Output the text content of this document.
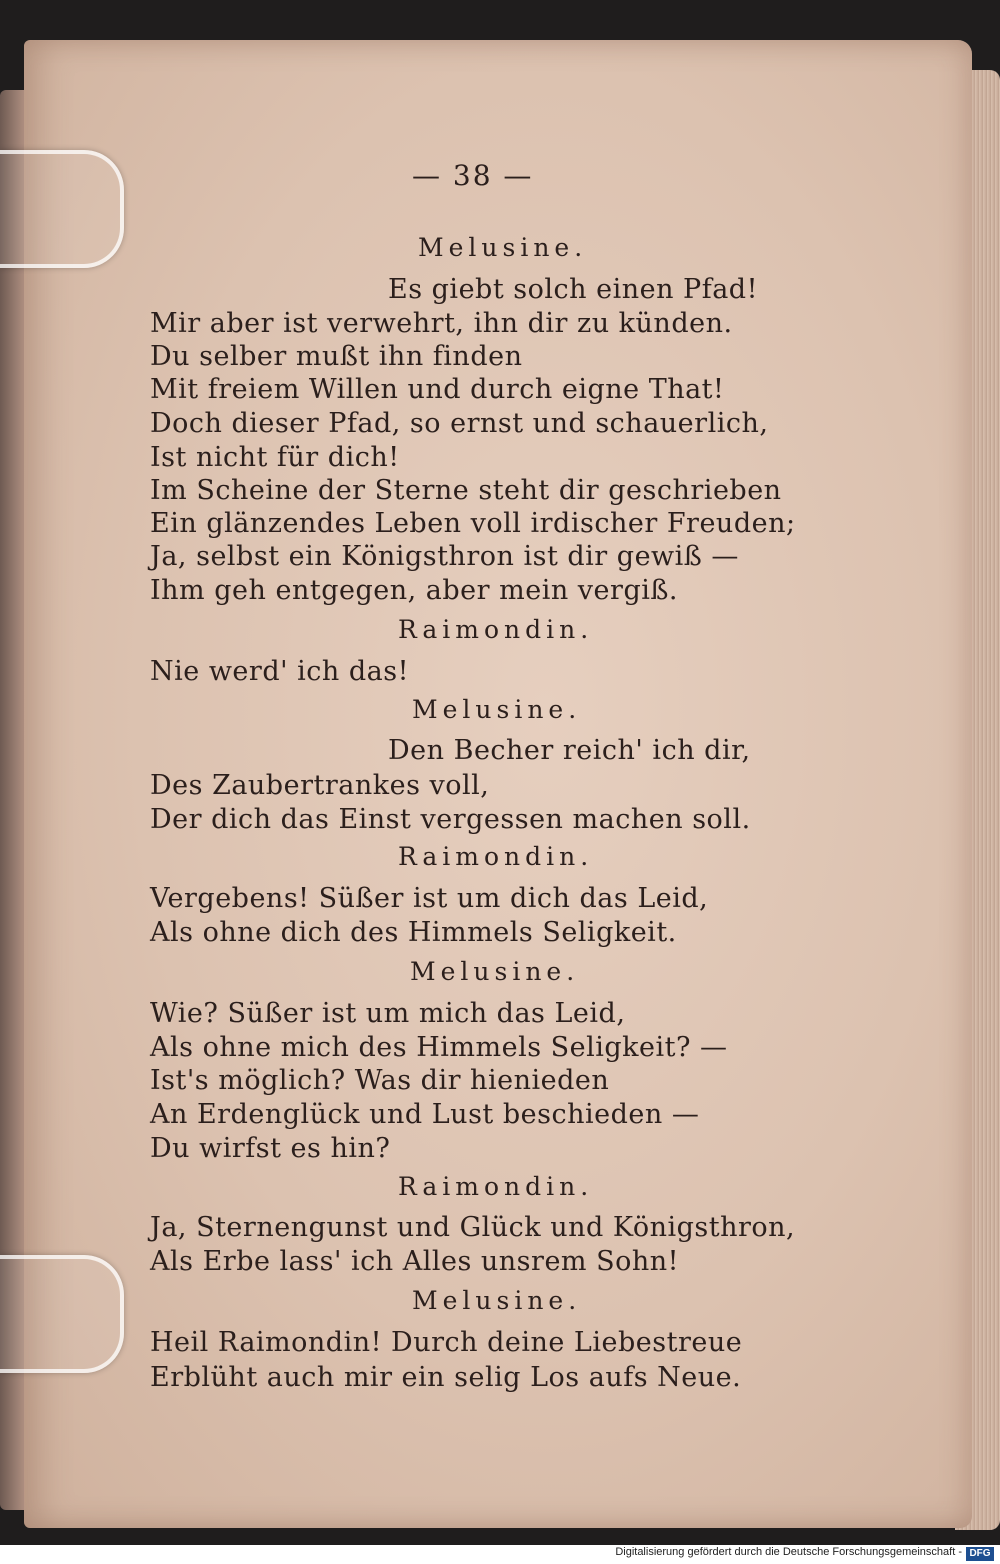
— 38 —
Melusine.
Es giebt solch einen Pfad!
Mir aber ist verwehrt, ihn dir zu künden.
Du selber mußt ihn finden
Mit freiem Willen und durch eigne That!
Doch dieser Pfad, so ernst und schauerlich,
Ist nicht für dich!
Im Scheine der Sterne steht dir geschrieben
Ein glänzendes Leben voll irdischer Freuden;
Ja, selbst ein Königsthron ist dir gewiß —
Ihm geh entgegen, aber mein vergiß.
Raimondin.
Nie werd' ich das!
Melusine.
Den Becher reich' ich dir,
Des Zaubertrankes voll,
Der dich das Einst vergessen machen soll.
Raimondin.
Vergebens! Süßer ist um dich das Leid,
Als ohne dich des Himmels Seligkeit.
Melusine.
Wie? Süßer ist um mich das Leid,
Als ohne mich des Himmels Seligkeit? —
Ist's möglich? Was dir hienieden
An Erdenglück und Lust beschieden —
Du wirfst es hin?
Raimondin.
Ja, Sternengunst und Glück und Königsthron,
Als Erbe lass' ich Alles unsrem Sohn!
Melusine.
Heil Raimondin! Durch deine Liebestreue
Erblüht auch mir ein selig Los aufs Neue.
Digitalisierung gefördert durch die Deutsche Forschungsgemeinschaft - DFG
